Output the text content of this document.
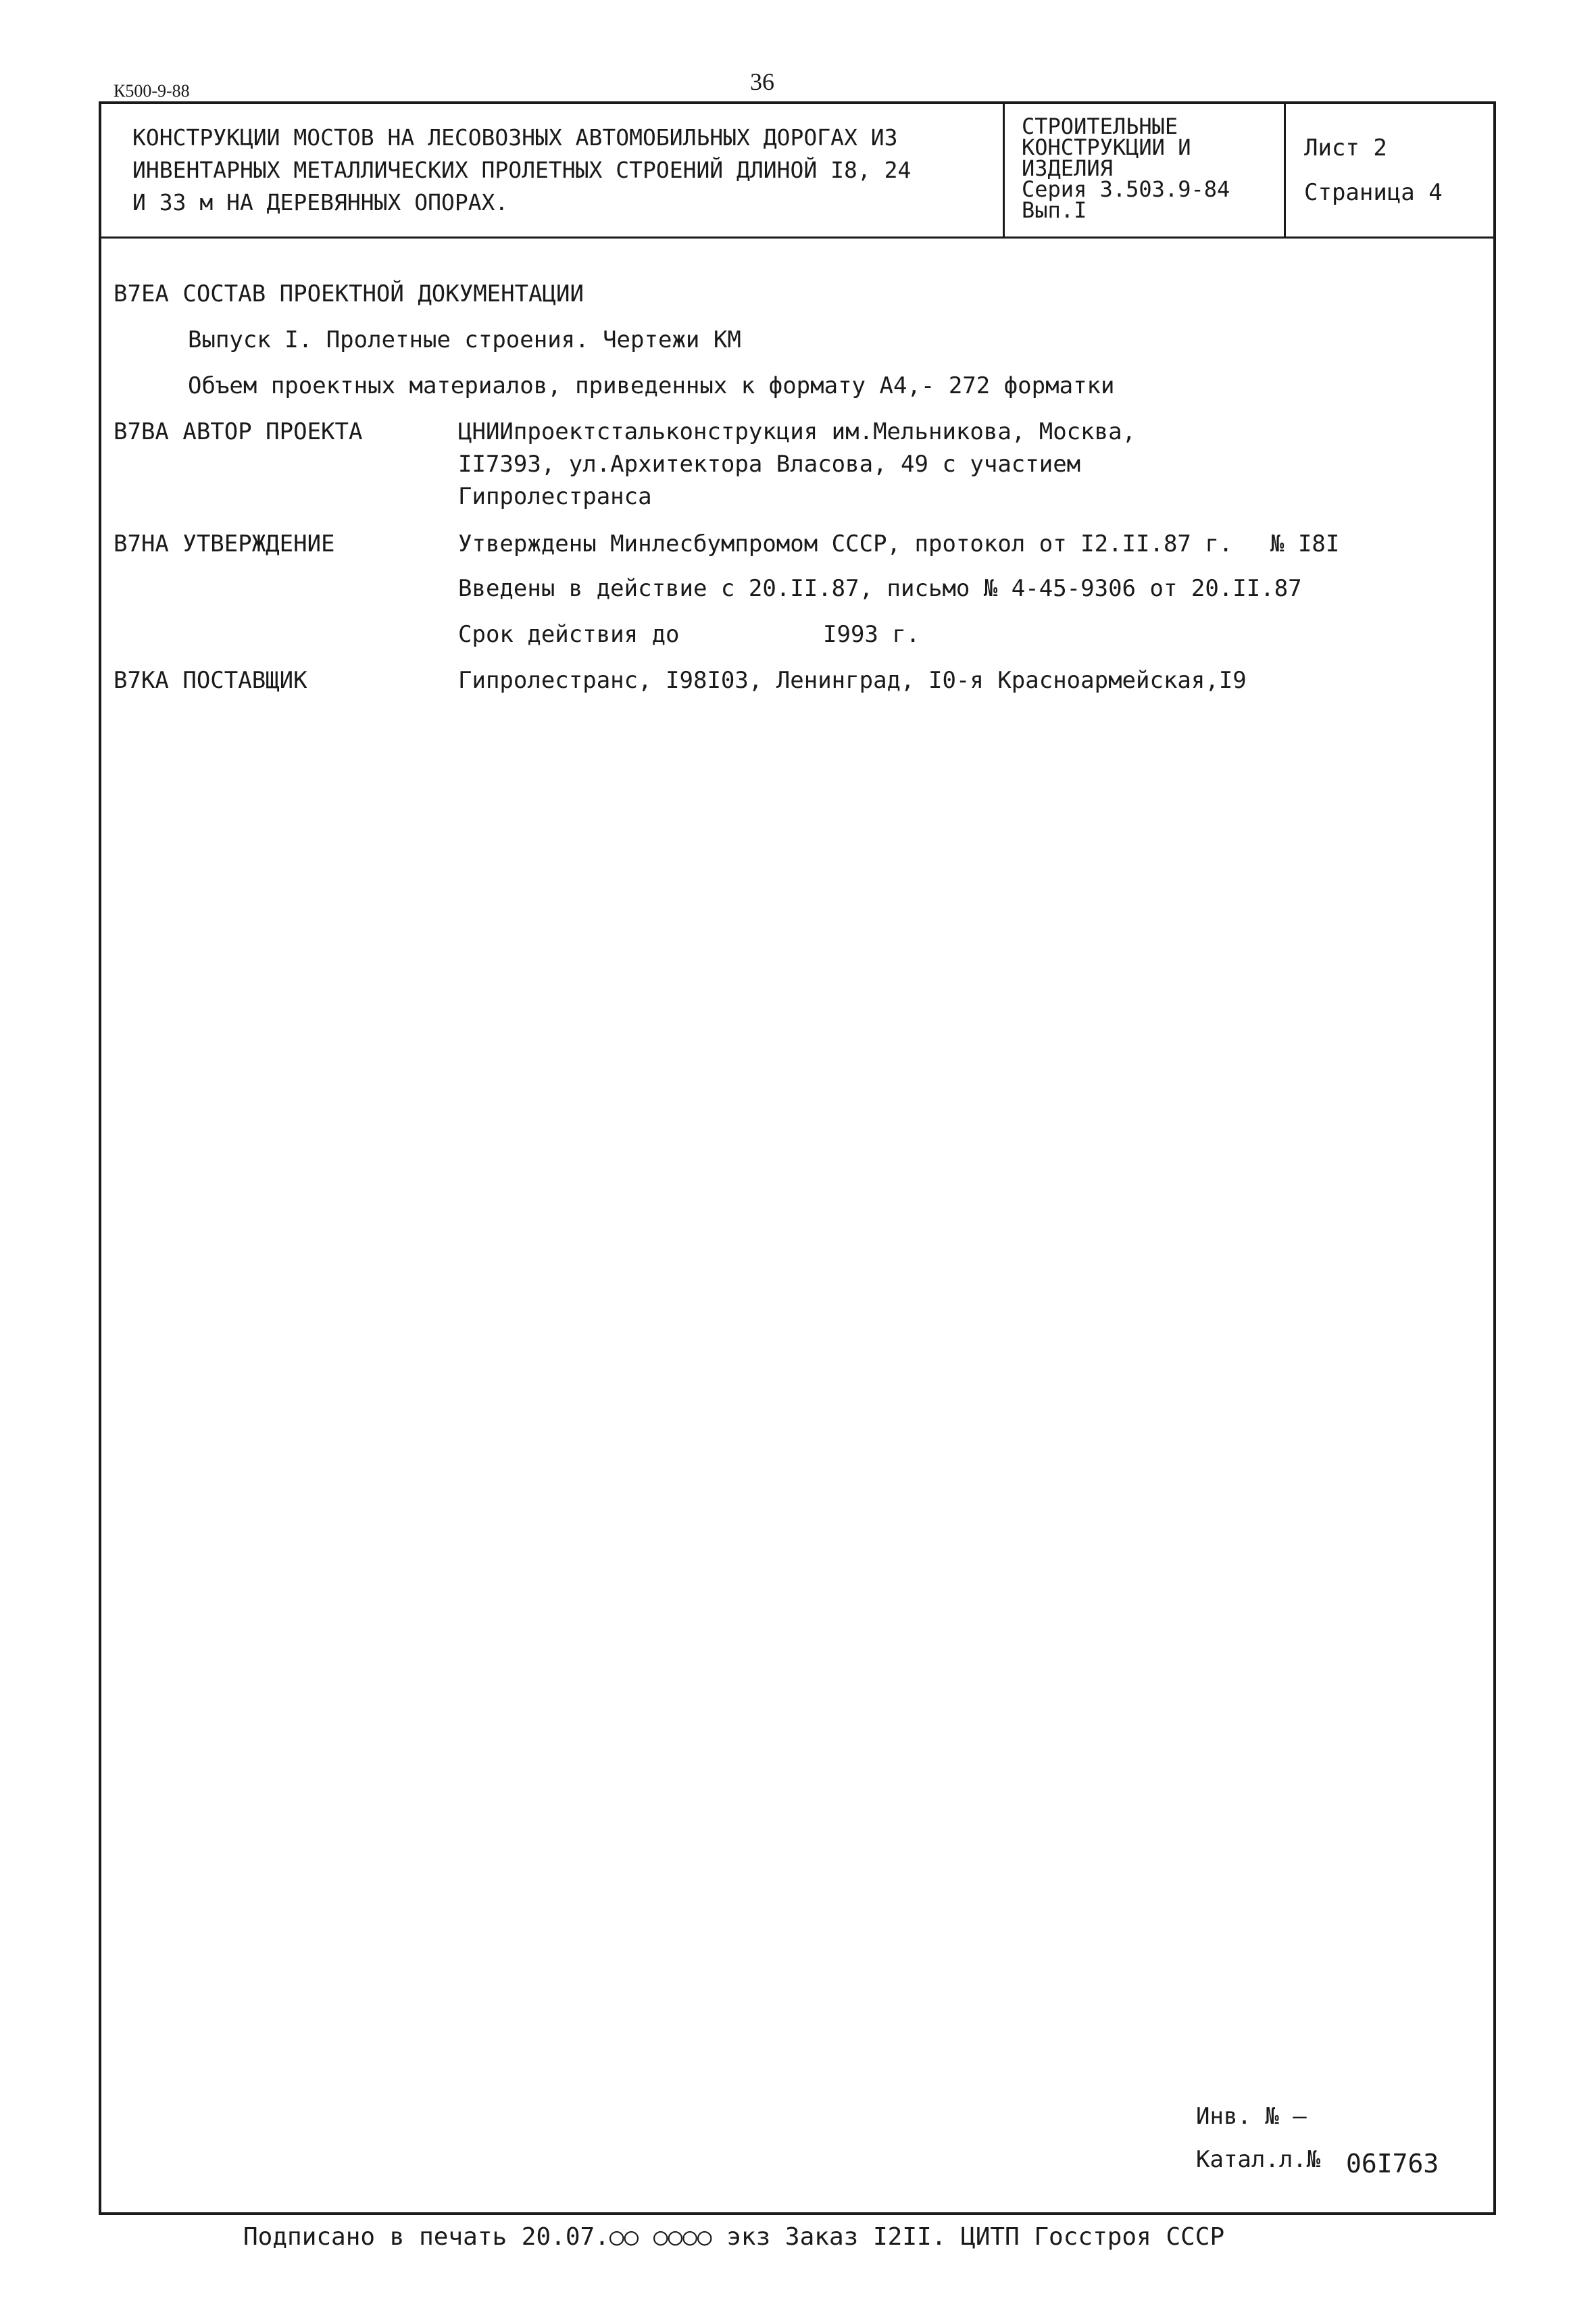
К500-9-88	36
КОНСТРУКЦИИ МОСТОВ НА ЛЕСОВОЗНЫХ АВТОМОБИЛЬНЫХ ДОРОГАХ ИЗ
ИНВЕНТАРНЫХ МЕТАЛЛИЧЕСКИХ ПРОЛЕТНЫХ СТРОЕНИЙ ДЛИНОЙ I8, 24
И 33 м НА ДЕРЕВЯННЫХ ОПОРАХ.
СТРОИТЕЛЬНЫЕ
КОНСТРУКЦИИ И
ИЗДЕЛИЯ
Серия 3.503.9-84
Вып.I
Лист 2
Страница 4
В7ЕА СОСТАВ ПРОЕКТНОЙ ДОКУМЕНТАЦИИ
Выпуск I. Пролетные строения. Чертежи КМ
Объем проектных материалов, приведенных к формату А4,- 272 форматки
В7ВА АВТОР ПРОЕКТА	ЦНИИпроектстальконструкция им.Мельникова, Москва,
II7393, ул.Архитектора Власова, 49 с участием
Гипролестранса
В7НА УТВЕРЖДЕНИЕ	Утверждены Минлесбумпромом СССР, протокол от I2.II.87 г. № I8I
Введены в действие с 20.II.87, письмо № 4-45-9306 от 20.II.87
Срок действия до	I993 г.
В7КА ПОСТАВЩИК	Гипролестранс, I98I03, Ленинград, I0-я Красноармейская,I9
Инв. № —
Катал.л.№ 06I763
Подписано в печать 20.07.○○ ○○○○ экз Заказ I2II. ЦИТП Госстроя СССР
